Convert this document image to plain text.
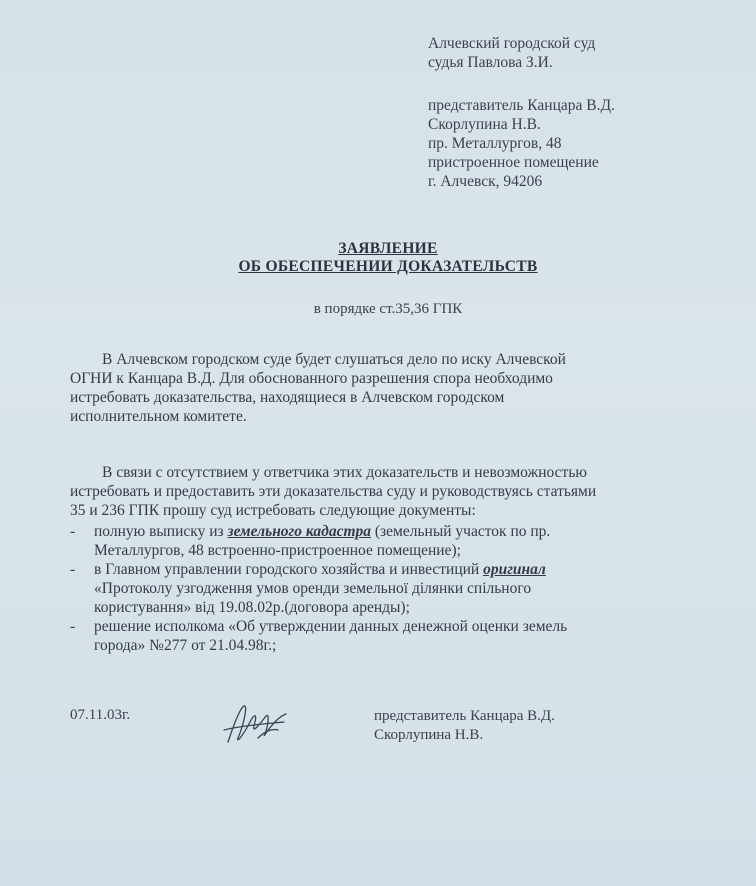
Алчевский городской суд
судья Павлова З.И.
представитель Канцара В.Д.
Скорлупина Н.В.
пр. Металлургов, 48
пристроенное помещение
г. Алчевск, 94206
ЗАЯВЛЕНИЕ
ОБ ОБЕСПЕЧЕНИИ ДОКАЗАТЕЛЬСТВ
в порядке ст.35,36 ГПК
В Алчевском городском суде будет слушаться дело по иску Алчевской
ОГНИ к Канцара В.Д. Для обоснованного разрешения спора необходимо
истребовать доказательства, находящиеся в Алчевском городском
исполнительном комитете.
В связи с отсутствием у ответчика этих доказательств и невозможностью
истребовать и предоставить эти доказательства суду и руководствуясь статьями
35 и 236 ГПК прошу суд истребовать следующие документы:
- полную выписку из земельного кадастра (земельный участок по пр.
Металлургов, 48 встроенно-пристроенное помещение);
- в Главном управлении городского хозяйства и инвестиций оригинал
«Протоколу узгодження умов оренди земельної ділянки спільного
користування» від 19.08.02р.(договора аренды);
- решение исполкома «Об утверждении данных денежной оценки земель
города» №277 от 21.04.98г.;
07.11.03г.	представитель Канцара В.Д.
Скорлупина Н.В.
